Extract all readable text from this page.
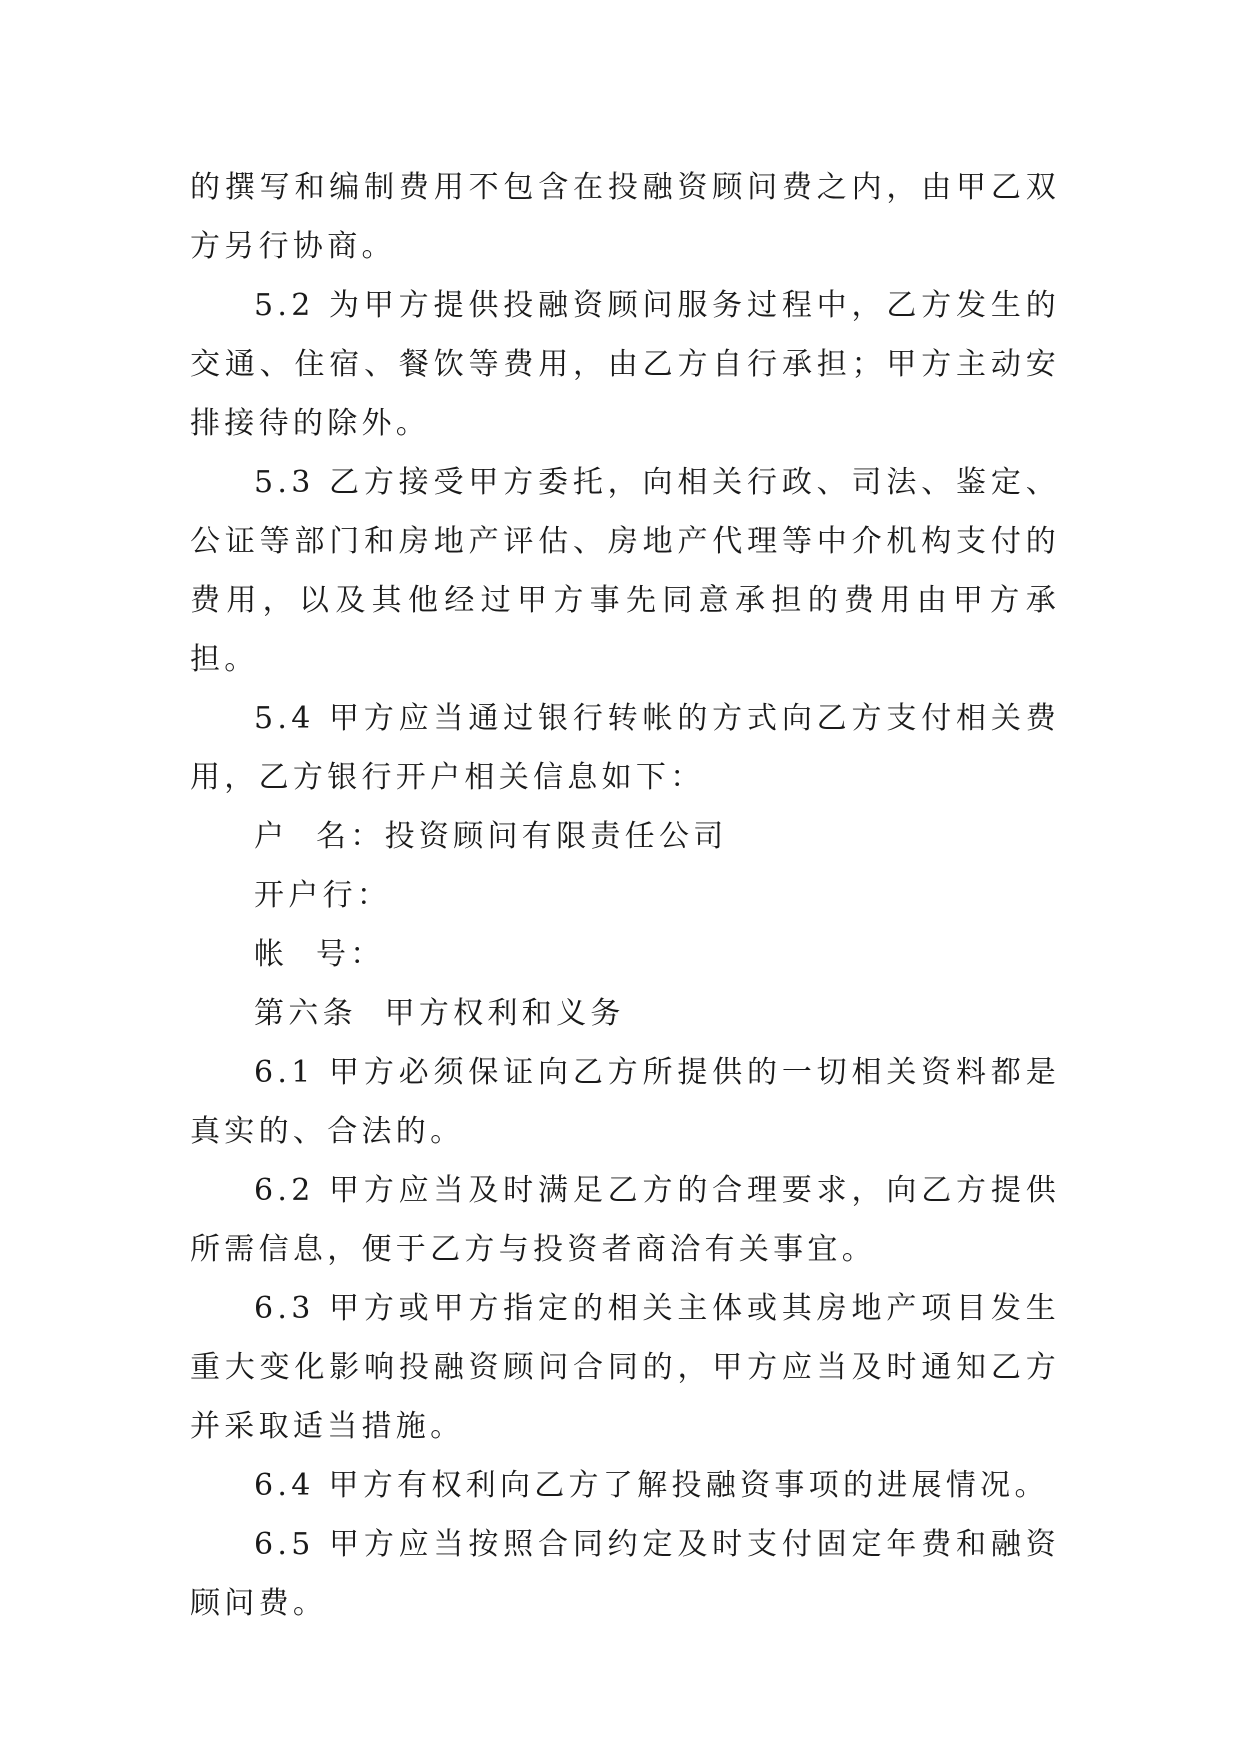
的撰写和编制费用不包含在投融资顾问费之内，由甲乙双方另行协商。

5.2 为甲方提供投融资顾问服务过程中，乙方发生的交通、住宿、餐饮等费用，由乙方自行承担；甲方主动安排接待的除外。

5.3 乙方接受甲方委托，向相关行政、司法、鉴定、公证等部门和房地产评估、房地产代理等中介机构支付的费用，以及其他经过甲方事先同意承担的费用由甲方承担。

5.4 甲方应当通过银行转帐的方式向乙方支付相关费用，乙方银行开户相关信息如下：

户  名：投资顾问有限责任公司

开户行：

帐  号：

第六条  甲方权利和义务

6.1 甲方必须保证向乙方所提供的一切相关资料都是真实的、合法的。

6.2 甲方应当及时满足乙方的合理要求，向乙方提供所需信息，便于乙方与投资者商洽有关事宜。

6.3 甲方或甲方指定的相关主体或其房地产项目发生重大变化影响投融资顾问合同的，甲方应当及时通知乙方并采取适当措施。

6.4 甲方有权利向乙方了解投融资事项的进展情况。

6.5 甲方应当按照合同约定及时支付固定年费和融资顾问费。
